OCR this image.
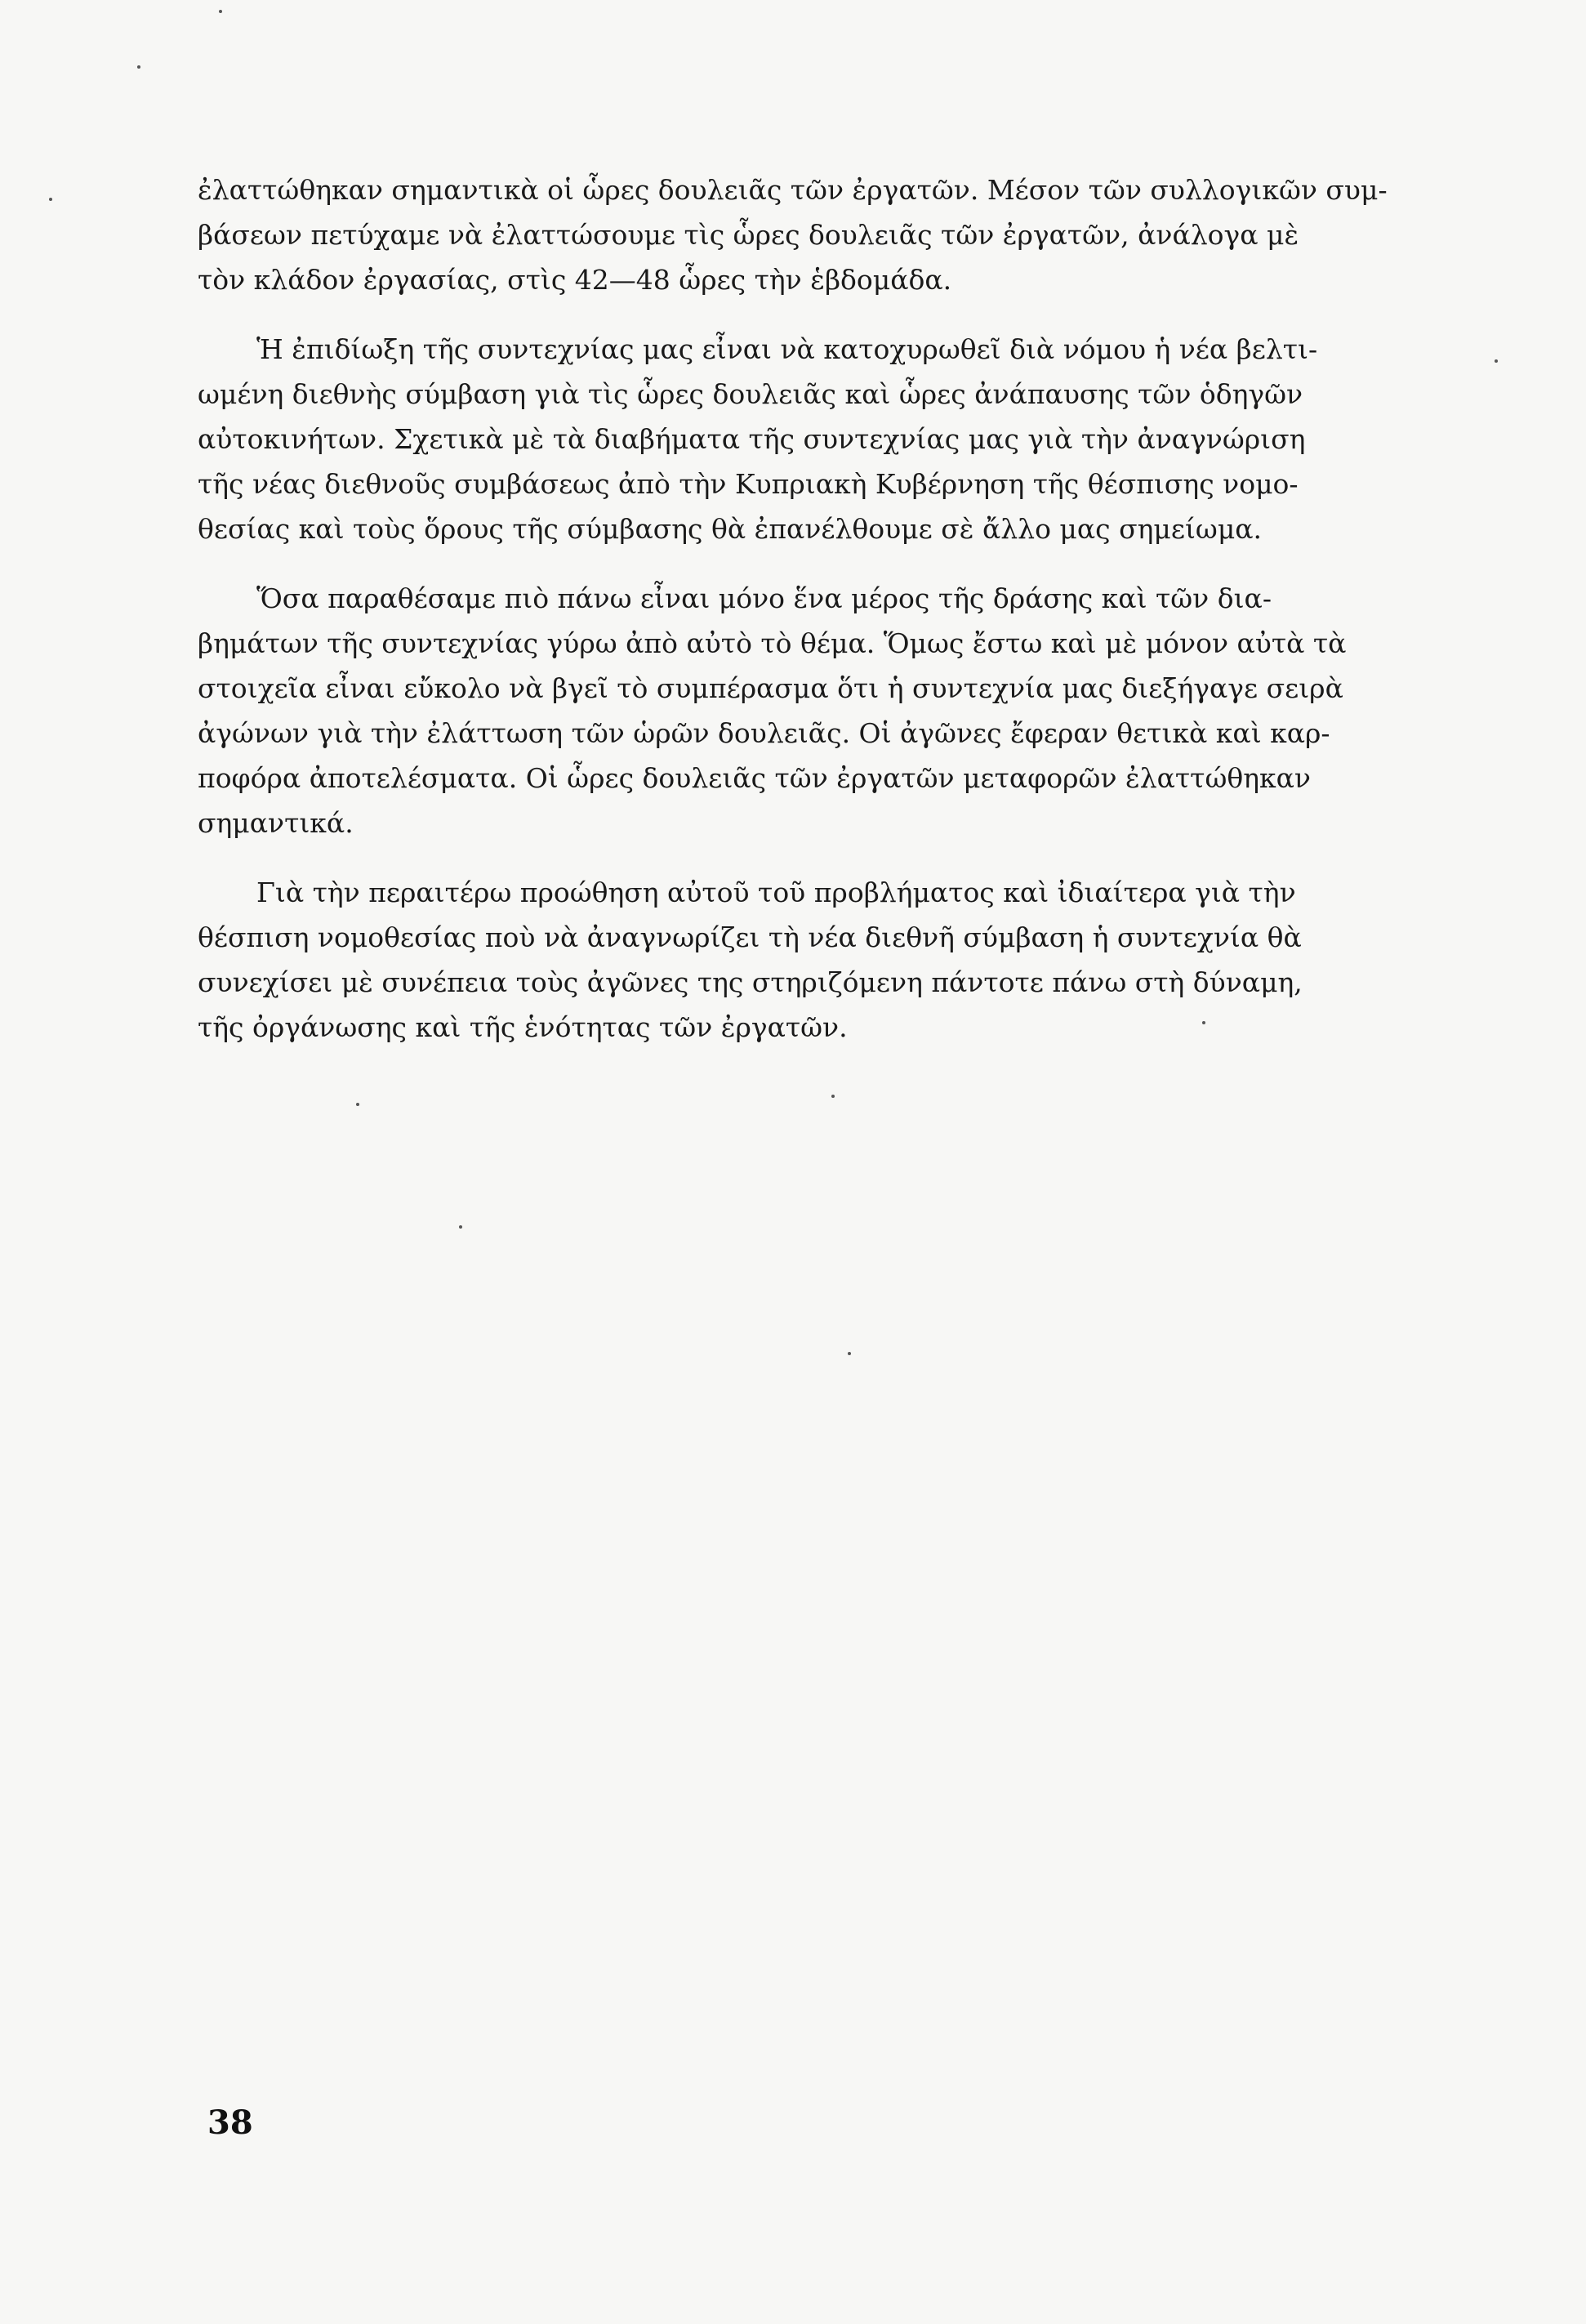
ἐλαττώθηκαν σημαντικὰ οἱ ὧρες δουλειᾶς τῶν ἐργατῶν. Μέσον τῶν συλλογικῶν συμ-
βάσεων πετύχαμε νὰ ἐλαττώσουμε τὶς ὧρες δουλειᾶς τῶν ἐργατῶν, ἀνάλογα μὲ
τὸν κλάδον ἐργασίας, στὶς 42—48 ὧρες τὴν ἑβδομάδα.

Ἡ ἐπιδίωξη τῆς συντεχνίας μας εἶναι νὰ κατοχυρωθεῖ διὰ νόμου ἡ νέα βελτι-
ωμένη διεθνὴς σύμβαση γιὰ τὶς ὧρες δουλειᾶς καὶ ὧρες ἀνάπαυσης τῶν ὁδηγῶν
αὐτοκινήτων. Σχετικὰ μὲ τὰ διαβήματα τῆς συντεχνίας μας γιὰ τὴν ἀναγνώριση
τῆς νέας διεθνοῦς συμβάσεως ἀπὸ τὴν Κυπριακὴ Κυβέρνηση τῆς θέσπισης νομο-
θεσίας καὶ τοὺς ὅρους τῆς σύμβασης θὰ ἐπανέλθουμε σὲ ἄλλο μας σημείωμα.

Ὅσα παραθέσαμε πιὸ πάνω εἶναι μόνο ἕνα μέρος τῆς δράσης καὶ τῶν δια-
βημάτων τῆς συντεχνίας γύρω ἀπὸ αὐτὸ τὸ θέμα. Ὅμως ἔστω καὶ μὲ μόνον αὐτὰ τὰ
στοιχεῖα εἶναι εὔκολο νὰ βγεῖ τὸ συμπέρασμα ὅτι ἡ συντεχνία μας διεξήγαγε σειρὰ
ἀγώνων γιὰ τὴν ἐλάττωση τῶν ὡρῶν δουλειᾶς. Οἱ ἀγῶνες ἔφεραν θετικὰ καὶ καρ-
ποφόρα ἀποτελέσματα. Οἱ ὧρες δουλειᾶς τῶν ἐργατῶν μεταφορῶν ἐλαττώθηκαν
σημαντικά.

Γιὰ τὴν περαιτέρω προώθηση αὐτοῦ τοῦ προβλήματος καὶ ἰδιαίτερα γιὰ τὴν
θέσπιση νομοθεσίας ποὺ νὰ ἀναγνωρίζει τὴ νέα διεθνῆ σύμβαση ἡ συντεχνία θὰ
συνεχίσει μὲ συνέπεια τοὺς ἀγῶνες της στηριζόμενη πάντοτε πάνω στὴ δύναμη,
τῆς ὀργάνωσης καὶ τῆς ἑνότητας τῶν ἐργατῶν.

38
